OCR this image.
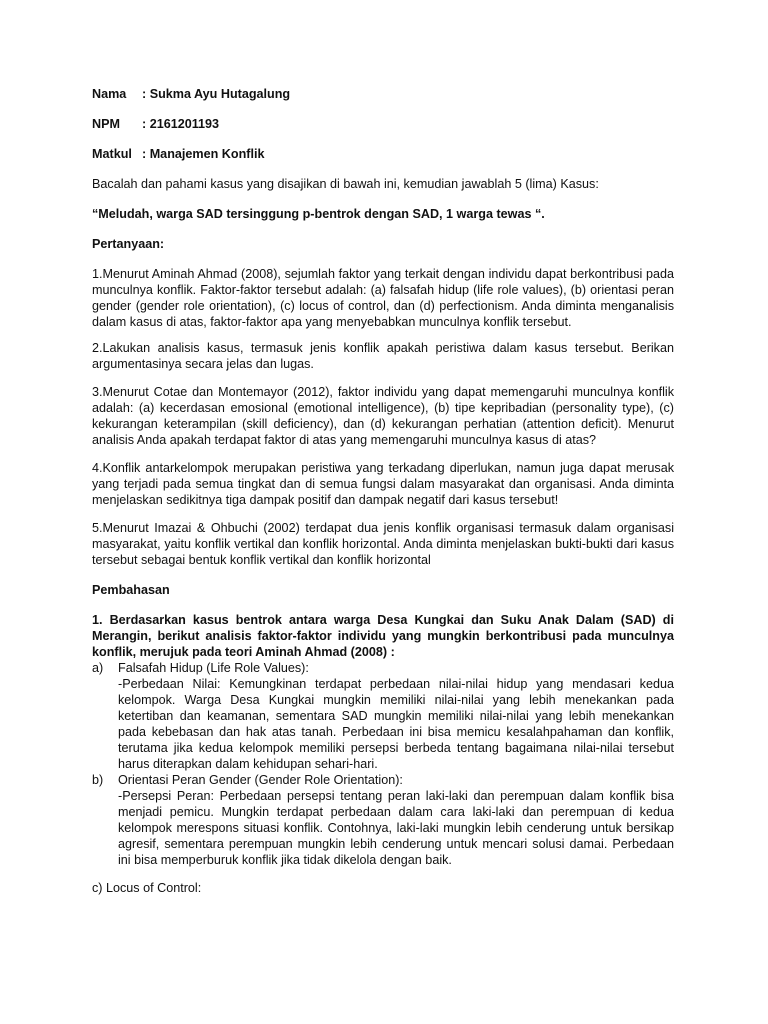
Nama	: Sukma Ayu Hutagalung
NPM	: 2161201193
Matkul : Manajemen Konflik

Bacalah dan pahami kasus yang disajikan di bawah ini, kemudian jawablah 5 (lima) Kasus:

“Meludah, warga SAD tersinggung p-bentrok dengan SAD, 1 warga tewas “.

Pertanyaan:

1.Menurut Aminah Ahmad (2008), sejumlah faktor yang terkait dengan individu dapat berkontribusi pada munculnya konflik. Faktor-faktor tersebut adalah: (a) falsafah hidup (life role values), (b) orientasi peran gender (gender role orientation), (c) locus of control, dan (d) perfectionism. Anda diminta menganalisis dalam kasus di atas, faktor-faktor apa yang menyebabkan munculnya konflik tersebut.

2.Lakukan analisis kasus, termasuk jenis konflik apakah peristiwa dalam kasus tersebut. Berikan argumentasinya secara jelas dan lugas.

3.Menurut Cotae dan Montemayor (2012), faktor individu yang dapat memengaruhi munculnya konflik adalah: (a) kecerdasan emosional (emotional intelligence), (b) tipe kepribadian (personality type), (c) kekurangan keterampilan (skill deficiency), dan (d) kekurangan perhatian (attention deficit). Menurut analisis Anda apakah terdapat faktor di atas yang memengaruhi munculnya kasus di atas?

4.Konflik antarkelompok merupakan peristiwa yang terkadang diperlukan, namun juga dapat merusak yang terjadi pada semua tingkat dan di semua fungsi dalam masyarakat dan organisasi. Anda diminta menjelaskan sedikitnya tiga dampak positif dan dampak negatif dari kasus tersebut!

5.Menurut Imazai & Ohbuchi (2002) terdapat dua jenis konflik organisasi termasuk dalam organisasi masyarakat, yaitu konflik vertikal dan konflik horizontal. Anda diminta menjelaskan bukti-bukti dari kasus tersebut sebagai bentuk konflik vertikal dan konflik horizontal

Pembahasan

1. Berdasarkan kasus bentrok antara warga Desa Kungkai dan Suku Anak Dalam (SAD) di Merangin, berikut analisis faktor-faktor individu yang mungkin berkontribusi pada munculnya konflik, merujuk pada teori Aminah Ahmad (2008) :

a)	Falsafah Hidup (Life Role Values):

-Perbedaan Nilai: Kemungkinan terdapat perbedaan nilai-nilai hidup yang mendasari kedua kelompok. Warga Desa Kungkai mungkin memiliki nilai-nilai yang lebih menekankan pada ketertiban dan keamanan, sementara SAD mungkin memiliki nilai-nilai yang lebih menekankan pada kebebasan dan hak atas tanah. Perbedaan ini bisa memicu kesalahpahaman dan konflik, terutama jika kedua kelompok memiliki persepsi berbeda tentang bagaimana nilai-nilai tersebut harus diterapkan dalam kehidupan sehari-hari.

b)	Orientasi Peran Gender (Gender Role Orientation):

-Persepsi Peran: Perbedaan persepsi tentang peran laki-laki dan perempuan dalam konflik bisa menjadi pemicu. Mungkin terdapat perbedaan dalam cara laki-laki dan perempuan di kedua kelompok merespons situasi konflik. Contohnya, laki-laki mungkin lebih cenderung untuk bersikap agresif, sementara perempuan mungkin lebih cenderung untuk mencari solusi damai. Perbedaan ini bisa memperburuk konflik jika tidak dikelola dengan baik.

c) Locus of Control:
